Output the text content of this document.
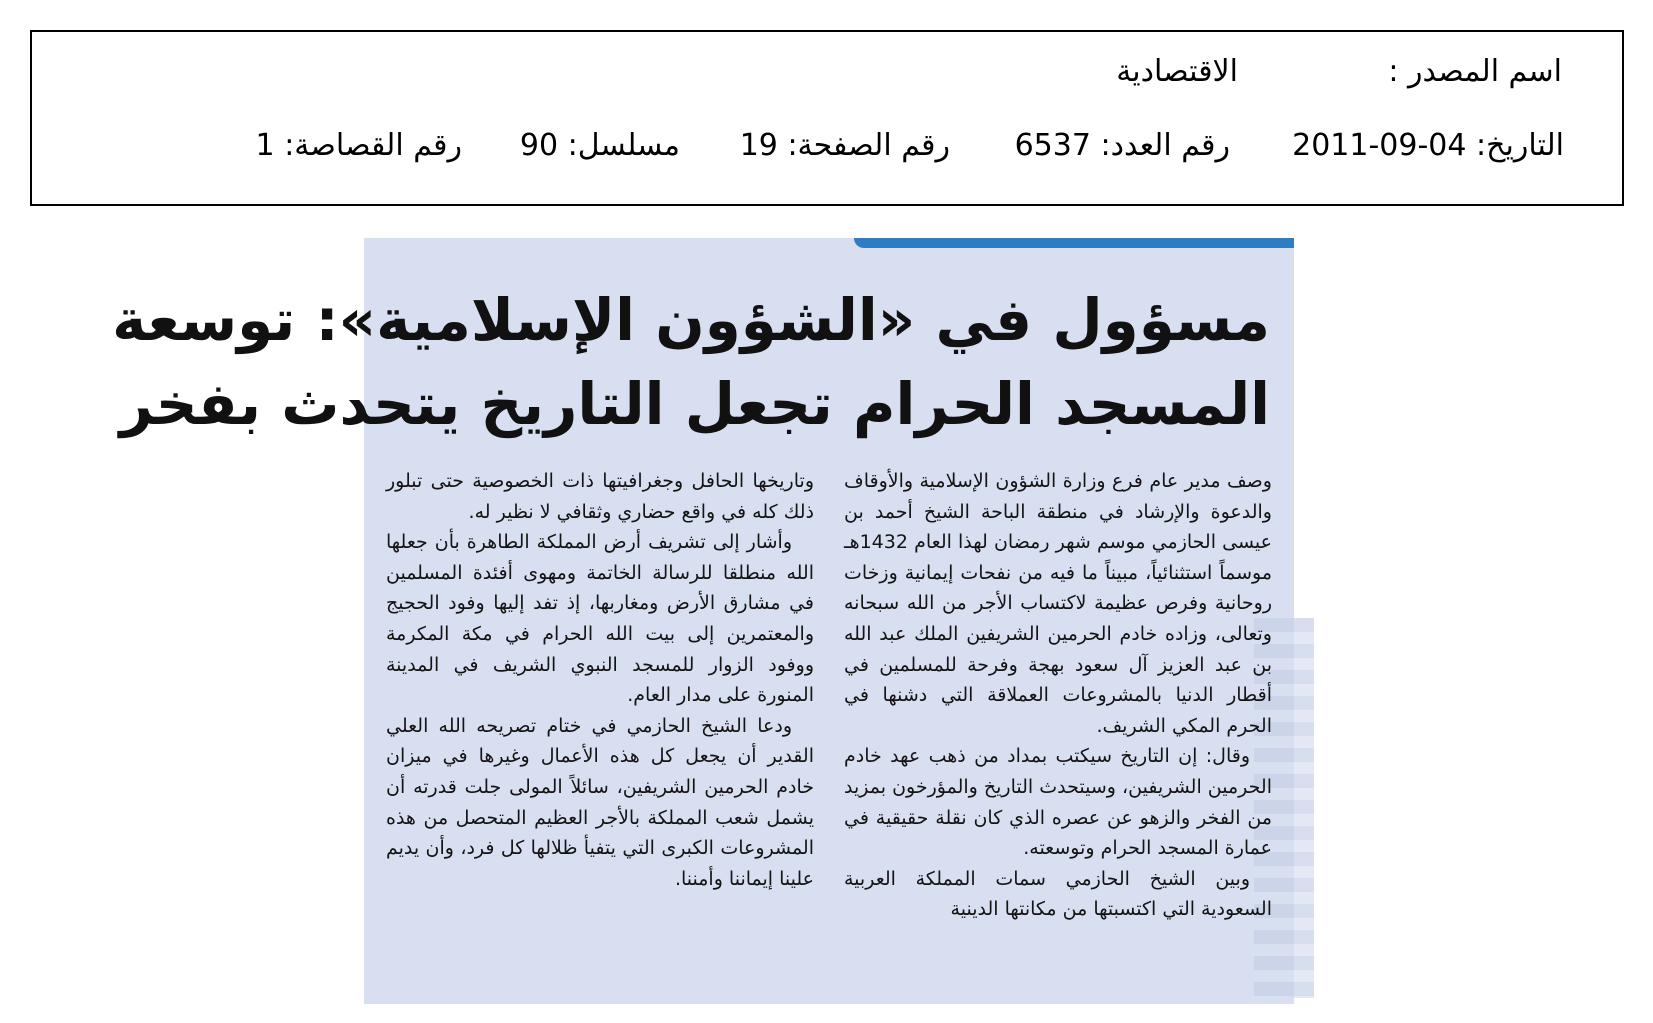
اسم المصدر :
الاقتصادية
التاريخ: 2011-09-04
رقم العدد: 6537
رقم الصفحة: 19
مسلسل: 90
رقم القصاصة: 1
مسؤول في «الشؤون الإسلامية»: توسعة
المسجد الحرام تجعل التاريخ يتحدث بفخر

وصف مدير عام فرع وزارة الشؤون الإسلامية والأوقاف والدعوة والإرشاد في منطقة الباحة الشيخ أحمد بن عيسى الحازمي موسم شهر رمضان لهذا العام 1432هـ موسماً استثنائياً، مبيناً ما فيه من نفحات إيمانية وزخات روحانية وفرص عظيمة لاكتساب الأجر من الله سبحانه وتعالى، وزاده خادم الحرمين الشريفين الملك عبد الله بن عبد العزيز آل سعود بهجة وفرحة للمسلمين في أقطار الدنيا بالمشروعات العملاقة التي دشنها في الحرم المكي الشريف.

وقال: إن التاريخ سيكتب بمداد من ذهب عهد خادم الحرمين الشريفين، وسيتحدث التاريخ والمؤرخون بمزيد من الفخر والزهو عن عصره الذي كان نقلة حقيقية في عمارة المسجد الحرام وتوسعته.

وبين الشيخ الحازمي سمات المملكة العربية السعودية التي اكتسبتها من مكانتها الدينية

وتاريخها الحافل وجغرافيتها ذات الخصوصية حتى تبلور ذلك كله في واقع حضاري وثقافي لا نظير له.

وأشار إلى تشريف أرض المملكة الطاهرة بأن جعلها الله منطلقا للرسالة الخاتمة ومهوى أفئدة المسلمين في مشارق الأرض ومغاربها، إذ تفد إليها وفود الحجيج والمعتمرين إلى بيت الله الحرام في مكة المكرمة ووفود الزوار للمسجد النبوي الشريف في المدينة المنورة على مدار العام.

ودعا الشيخ الحازمي في ختام تصريحه الله العلي القدير أن يجعل كل هذه الأعمال وغيرها في ميزان خادم الحرمين الشريفين، سائلاً المولى جلت قدرته أن يشمل شعب المملكة بالأجر العظيم المتحصل من هذه المشروعات الكبرى التي يتفيأ ظلالها كل فرد، وأن يديم علينا إيماننا وأمننا.
